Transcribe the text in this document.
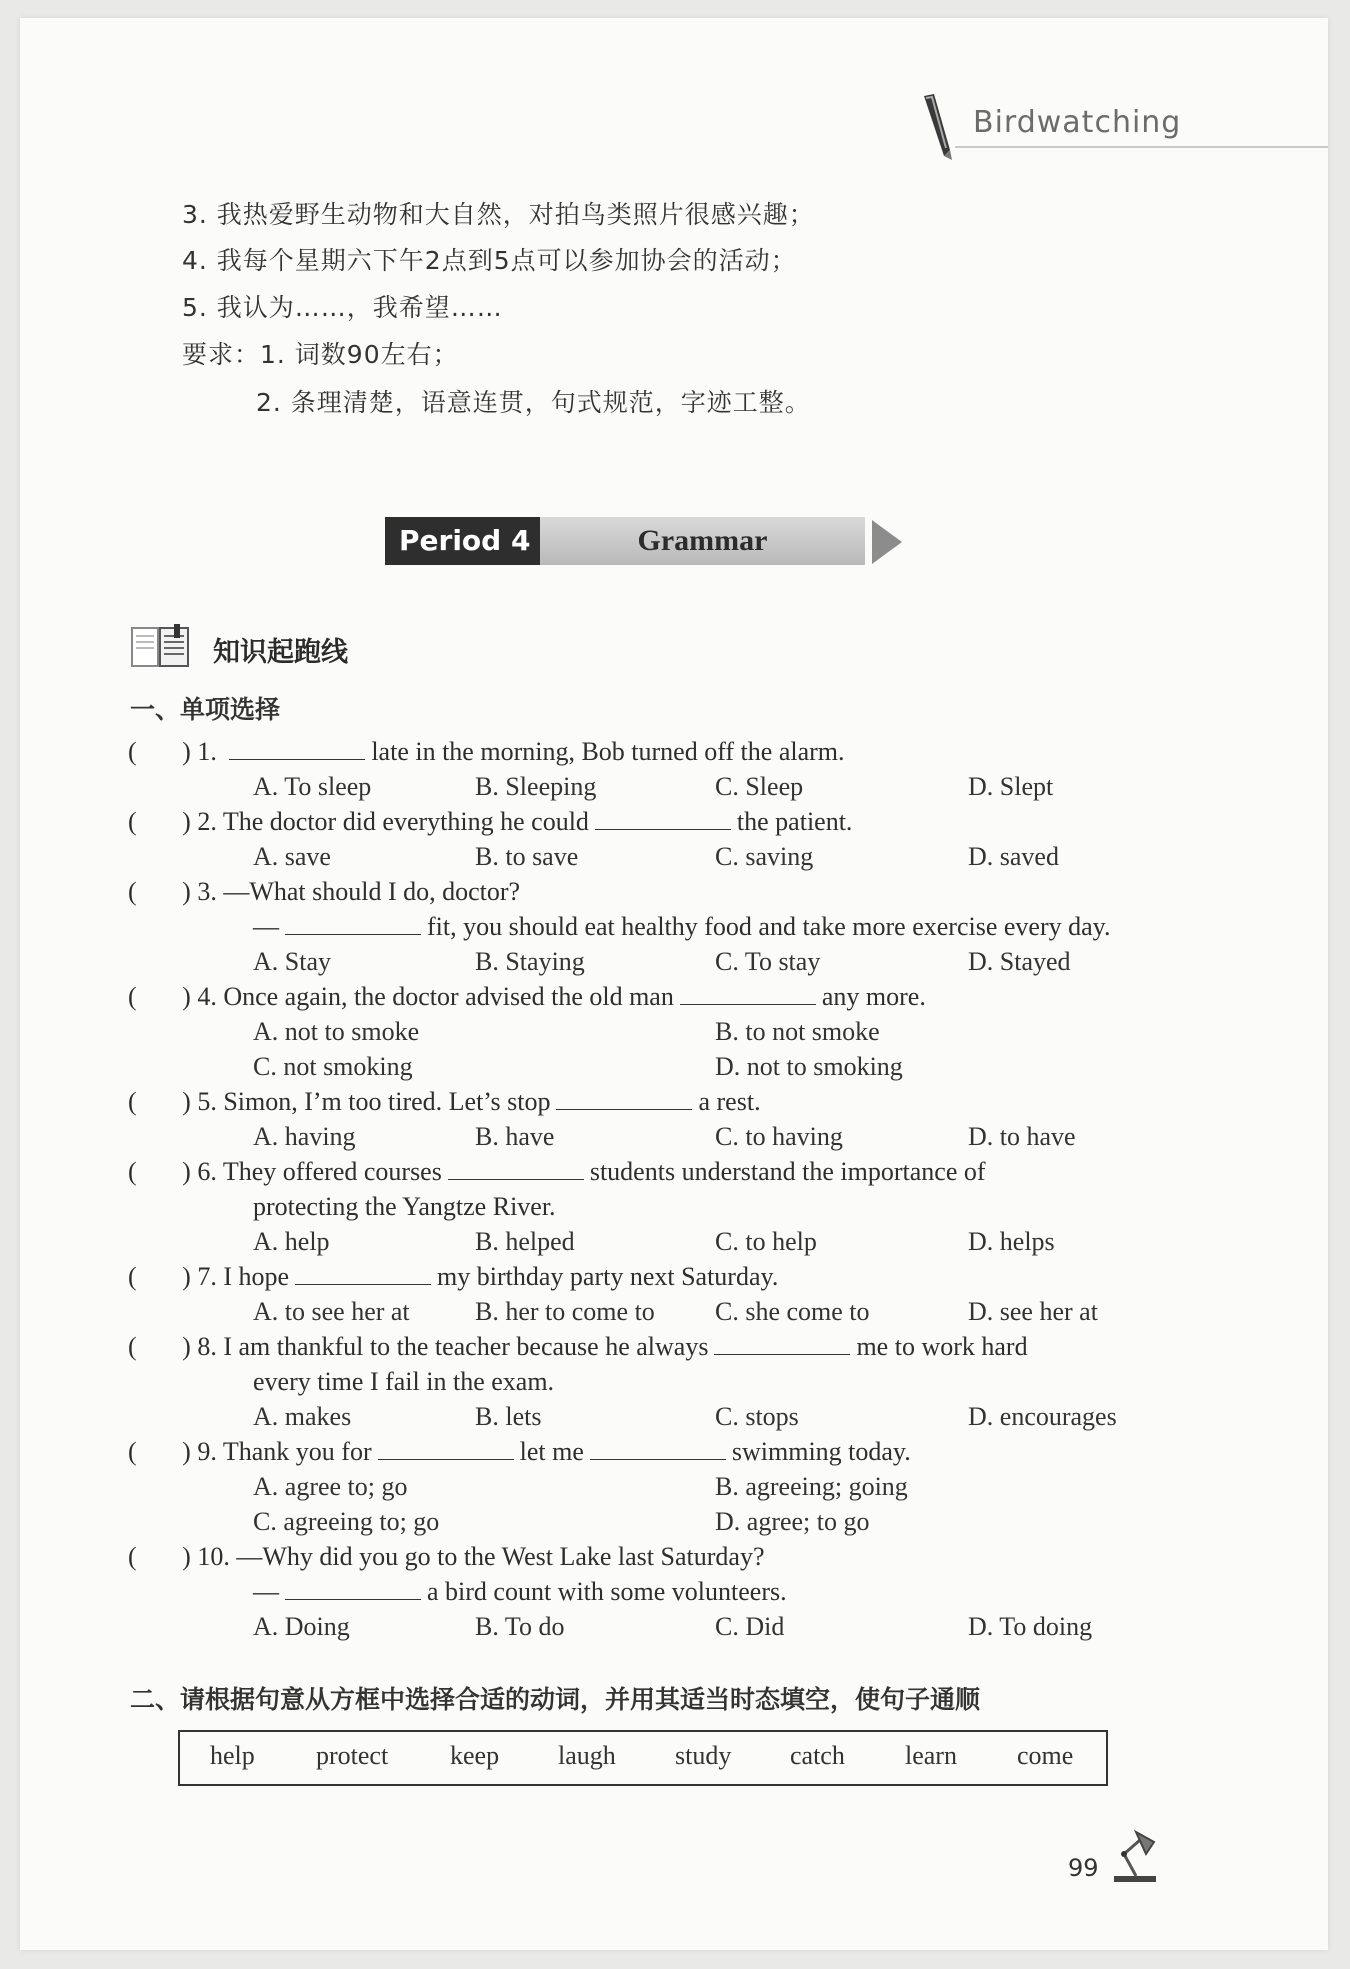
Birdwatching
3. 我热爱野生动物和大自然，对拍鸟类照片很感兴趣；
4. 我每个星期六下午2点到5点可以参加协会的活动；
5. 我认为……，我希望……
要求：1. 词数90左右；
2. 条理清楚，语意连贯，句式规范，字迹工整。
Period 4	Grammar
知识起跑线
一、单项选择
(       ) 1.	late in the morning, Bob turned off the alarm.
A. To sleep	B. Sleeping	C. Sleep	D. Slept
(       ) 2. The doctor did everything he could	the patient.
A. save	B. to save	C. saving	D. saved
(       ) 3. —What should I do, doctor?
—	fit, you should eat healthy food and take more exercise every day.
A. Stay	B. Staying	C. To stay	D. Stayed
(       ) 4. Once again, the doctor advised the old man	any more.
A. not to smoke	B. to not smoke
C. not smoking	D. not to smoking
(       ) 5. Simon, I’m too tired. Let’s stop	a rest.
A. having	B. have	C. to having	D. to have
(       ) 6. They offered courses	students understand the importance of
protecting the Yangtze River.
A. help	B. helped	C. to help	D. helps
(       ) 7. I hope	my birthday party next Saturday.
A. to see her at	B. her to come to C. she come to	D. see her at
(       ) 8. I am thankful to the teacher because he always	me to work hard
every time I fail in the exam.
A. makes	B. lets	C. stops	D. encourages
(       ) 9. Thank you for	let me	swimming today.
A. agree to; go	B. agreeing; going
C. agreeing to; go	D. agree; to go
(       ) 10. —Why did you go to the West Lake last Saturday?
—	a bird count with some volunteers.
A. Doing	B. To do	C. Did	D. To doing
二、请根据句意从方框中选择合适的动词，并用其适当时态填空，使句子通顺
help protect keep laugh study catch learn come
99
